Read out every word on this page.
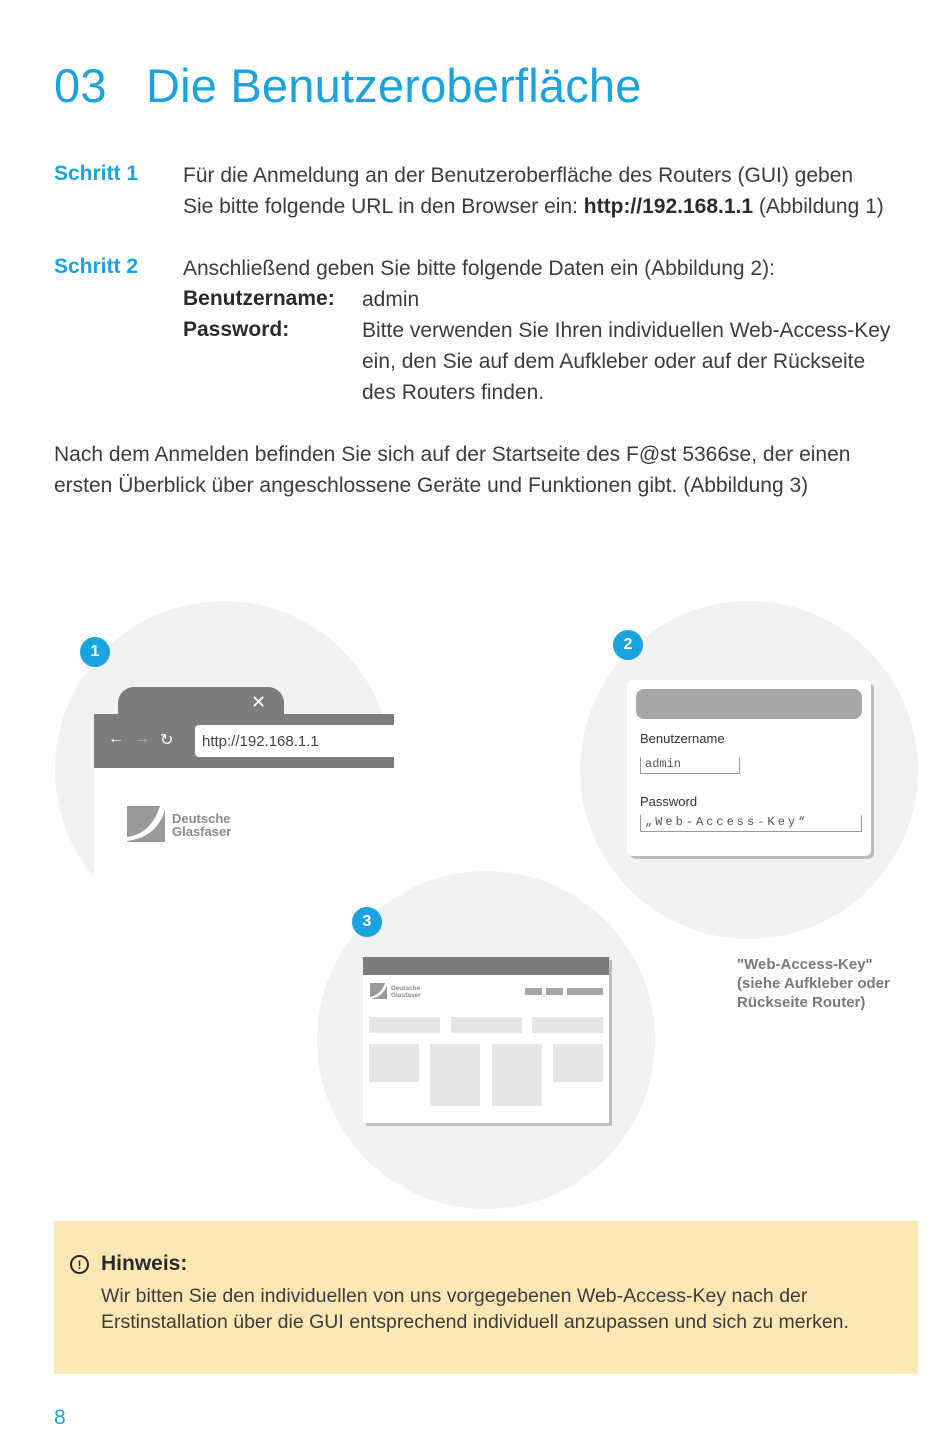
03 Die Benutzeroberfläche
Schritt 1 Für die Anmeldung an der Benutzeroberfläche des Routers (GUI) geben
Sie bitte folgende URL in den Browser ein: http://192.168.1.1 (Abbildung 1)

Schritt 2 Anschließend geben Sie bitte folgende Daten ein (Abbildung 2):

Benutzername: admin
Password:	Bitte verwenden Sie Ihren individuellen Web-Access-Key
ein, den Sie auf dem Aufkleber oder auf der Rückseite
des Routers finden.

Nach dem Anmelden befinden Sie sich auf der Startseite des F@st 5366se, der einen
ersten Überblick über angeschlossene Geräte und Funktionen gibt. (Abbildung 3)

✕
← → ↻	http://192.168.1.1
Deutsche
Glasfaser
1
Benutzername
admin
Password
„Web-Access-Key“
2
Deutsche
Glasfaser
3

"Web-Access-Key"
(siehe Aufkleber oder
Rückseite Router)

! Hinweis:

Wir bitten Sie den individuellen von uns vorgegebenen Web-Access-Key nach der
Erstinstallation über die GUI entsprechend individuell anzupassen und sich zu merken.

8
